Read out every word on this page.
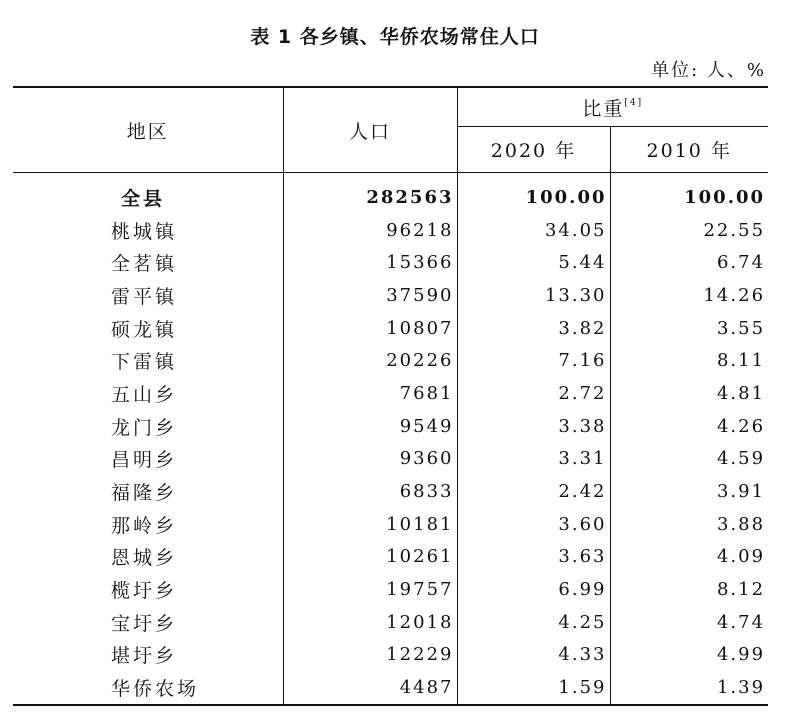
表 1 各乡镇、华侨农场常住人口
单位: 人、%
地区	人口	比重[4]
		2020 年	2010 年
全县	282563	100.00	100.00
桃城镇	96218	34.05	22.55
全茗镇	15366	5.44	6.74
雷平镇	37590	13.30	14.26
硕龙镇	10807	3.82	3.55
下雷镇	20226	7.16	8.11
五山乡	7681	2.72	4.81
龙门乡	9549	3.38	4.26
昌明乡	9360	3.31	4.59
福隆乡	6833	2.42	3.91
那岭乡	10181	3.60	3.88
恩城乡	10261	3.63	4.09
榄圩乡	19757	6.99	8.12
宝圩乡	12018	4.25	4.74
堪圩乡	12229	4.33	4.99
华侨农场	4487	1.59	1.39
